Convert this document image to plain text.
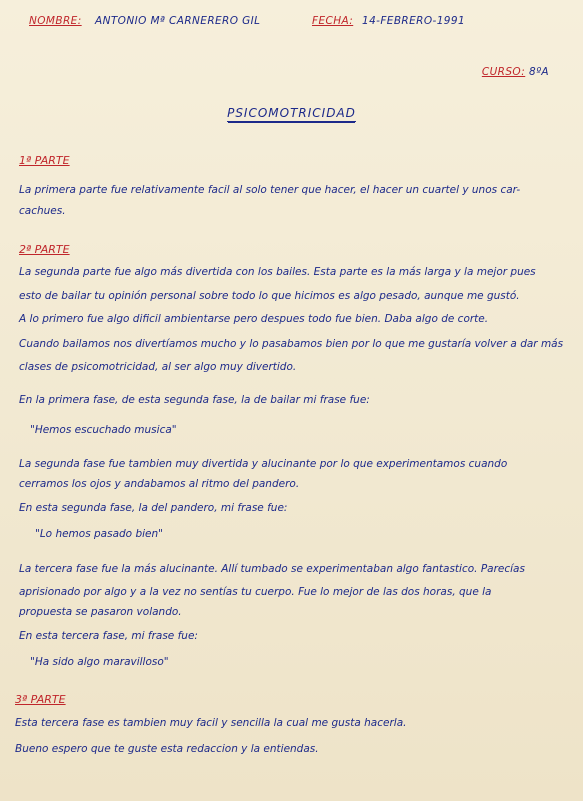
NOMBRE: ANTONIO Mª CARNERERO GIL	FECHA: 14-FEBRERO-1991
CURSO: 8ºA
PSICOMOTRICIDAD
1ª PARTE
La primera parte fue relativamente facil al solo tener que hacer, el hacer un cuartel y unos car-
cachues.
2ª PARTE
La segunda parte fue algo más divertida con los bailes. Esta parte es la más larga y la mejor pues
esto de bailar tu opinión personal sobre todo lo que hicimos es algo pesado, aunque me gustó.
A lo primero fue algo dificil ambientarse pero despues todo fue bien. Daba algo de corte.
Cuando bailamos nos divertíamos mucho y lo pasabamos bien por lo que me gustaría volver a dar más
clases de psicomotricidad, al ser algo muy divertido.
En la primera fase, de esta segunda fase, la de bailar mi frase fue:
"Hemos escuchado musica"
La segunda fase fue tambien muy divertida y alucinante por lo que experimentamos cuando
cerramos los ojos y andabamos al ritmo del pandero.
En esta segunda fase, la del pandero, mi frase fue:
"Lo hemos pasado bien"
La tercera fase fue la más alucinante. Allí tumbado se experimentaban algo fantastico. Parecías
aprisionado por algo y a la vez no sentías tu cuerpo. Fue lo mejor de las dos horas, que la
propuesta se pasaron volando.
En esta tercera fase, mi frase fue:
"Ha sido algo maravilloso"
3ª PARTE
Esta tercera fase es tambien muy facil y sencilla la cual me gusta hacerla.
Bueno espero que te guste esta redaccion y la entiendas.
